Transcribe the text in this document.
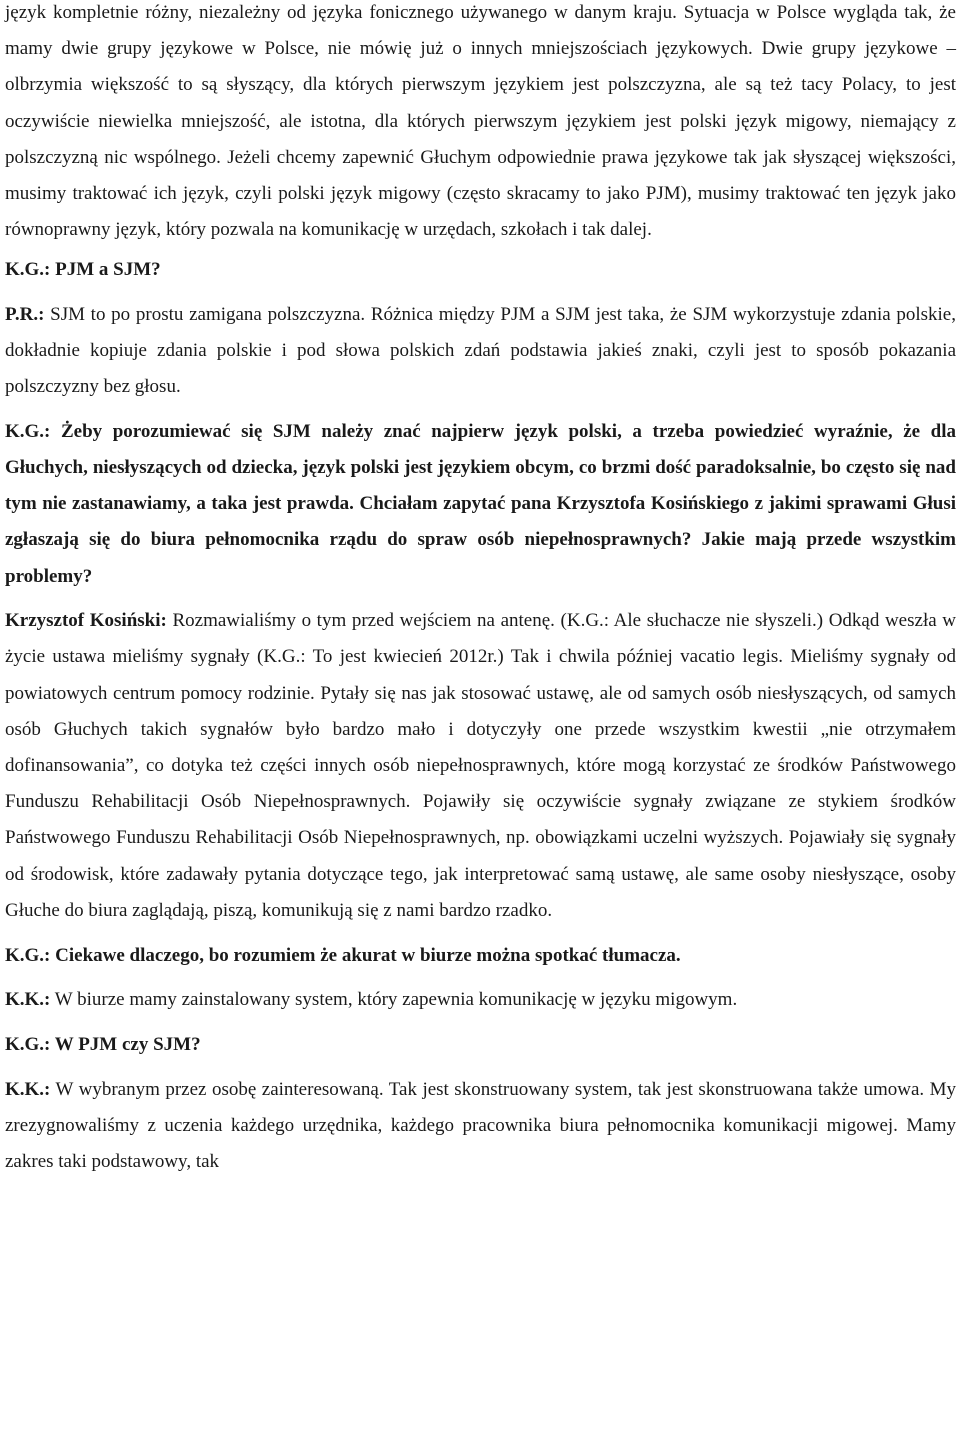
język kompletnie różny, niezależny od języka fonicznego używanego w danym kraju. Sytuacja w Polsce wygląda tak, że mamy dwie grupy językowe w Polsce, nie mówię już o innych mniejszościach językowych. Dwie grupy językowe – olbrzymia większość to są słyszący, dla których pierwszym językiem jest polszczyzna, ale są też tacy Polacy, to jest oczywiście niewielka mniejszość, ale istotna, dla których pierwszym językiem jest polski język migowy, niemający z polszczyzną nic wspólnego. Jeżeli chcemy zapewnić Głuchym odpowiednie prawa językowe tak jak słyszącej większości, musimy traktować ich język, czyli polski język migowy (często skracamy to jako PJM), musimy traktować ten język jako równoprawny język, który pozwala na komunikację w urzędach, szkołach i tak dalej.

K.G.: PJM a SJM?

P.R.: SJM to po prostu zamigana polszczyzna. Różnica między PJM a SJM jest taka, że SJM wykorzystuje zdania polskie, dokładnie kopiuje zdania polskie i pod słowa polskich zdań podstawia jakieś znaki, czyli jest to sposób pokazania polszczyzny bez głosu.

K.G.: Żeby porozumiewać się SJM należy znać najpierw język polski, a trzeba powiedzieć wyraźnie, że dla Głuchych, niesłyszących od dziecka, język polski jest językiem obcym, co brzmi dość paradoksalnie, bo często się nad tym nie zastanawiamy, a taka jest prawda. Chciałam zapytać pana Krzysztofa Kosińskiego z jakimi sprawami Głusi zgłaszają się do biura pełnomocnika rządu do spraw osób niepełnosprawnych? Jakie mają przede wszystkim problemy?

Krzysztof Kosiński: Rozmawialiśmy o tym przed wejściem na antenę. (K.G.: Ale słuchacze nie słyszeli.) Odkąd weszła w życie ustawa mieliśmy sygnały (K.G.: To jest kwiecień 2012r.) Tak i chwila później vacatio legis. Mieliśmy sygnały od powiatowych centrum pomocy rodzinie. Pytały się nas jak stosować ustawę, ale od samych osób niesłyszących, od samych osób Głuchych takich sygnałów było bardzo mało i dotyczyły one przede wszystkim kwestii „nie otrzymałem dofinansowania”, co dotyka też części innych osób niepełnosprawnych, które mogą korzystać ze środków Państwowego Funduszu Rehabilitacji Osób Niepełnosprawnych. Pojawiły się oczywiście sygnały związane ze stykiem środków Państwowego Funduszu Rehabilitacji Osób Niepełnosprawnych, np. obowiązkami uczelni wyższych. Pojawiały się sygnały od środowisk, które zadawały pytania dotyczące tego, jak interpretować samą ustawę, ale same osoby niesłyszące, osoby Głuche do biura zaglądają, piszą, komunikują się z nami bardzo rzadko.

K.G.: Ciekawe dlaczego, bo rozumiem że akurat w biurze można spotkać tłumacza.

K.K.: W biurze mamy zainstalowany system, który zapewnia komunikację w języku migowym.

K.G.: W PJM czy SJM?

K.K.: W wybranym przez osobę zainteresowaną. Tak jest skonstruowany system, tak jest skonstruowana także umowa. My zrezygnowaliśmy z uczenia każdego urzędnika, każdego pracownika biura pełnomocnika komunikacji migowej. Mamy zakres taki podstawowy, tak
